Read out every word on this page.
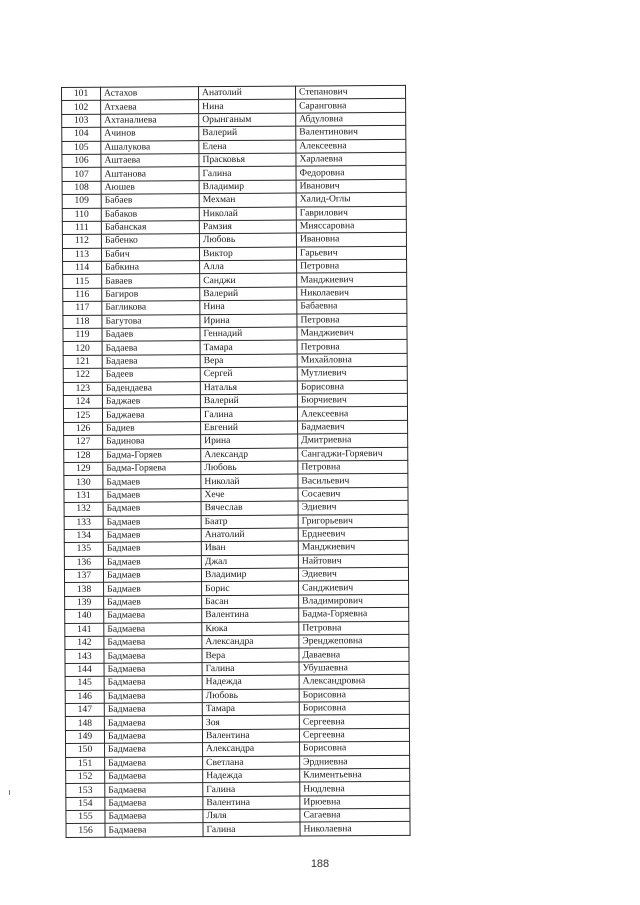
101	Астахов	Анатолий	Степанович
102	Атхаева	Нина	Саранговна
103	Ахтаналиева	Орынганым	Абдуловна
104	Ачинов	Валерий	Валентинович
105	Ашалукова	Елена	Алексеевна
106	Аштаева	Прасковья	Харлаевна
107	Аштанова	Галина	Федоровна
108	Аюшев	Владимир	Иванович
109	Бабаев	Мехман	Халид-Оглы
110	Бабаков	Николай	Гаврилович
111	Бабанская	Рамзия	Мияссаровна
112	Бабенко	Любовь	Ивановна
113	Бабич	Виктор	Гарьевич
114	Бабкина	Алла	Петровна
115	Баваев	Санджи	Манджиевич
116	Багиров	Валерий	Николаевич
117	Багликова	Нина	Бабаевна
118	Багутова	Ирина	Петровна
119	Бадаев	Геннадий	Манджиевич
120	Бадаева	Тамара	Петровна
121	Бадаева	Вера	Михайловна
122	Бадеев	Сергей	Мутлиевич
123	Бадендаева	Наталья	Борисовна
124	Баджаев	Валерий	Бюрчиевич
125	Баджаева	Галина	Алексеевна
126	Бадиев	Евгений	Бадмаевич
127	Бадинова	Ирина	Дмитриевна
128	Бадма-Горяев	Александр	Сангаджи-Горяевич
129	Бадма-Горяева	Любовь	Петровна
130	Бадмаев	Николай	Васильевич
131	Бадмаев	Хече	Сосаевич
132	Бадмаев	Вячеслав	Эдиевич
133	Бадмаев	Баатр	Григорьевич
134	Бадмаев	Анатолий	Ерднеевич
135	Бадмаев	Иван	Манджиевич
136	Бадмаев	Джал	Найтович
137	Бадмаев	Владимир	Эдиевич
138	Бадмаев	Борис	Санджиевич
139	Бадмаев	Басан	Владимирович
140	Бадмаева	Валентина	Бадма-Горяевна
141	Бадмаева	Кюка	Петровна
142	Бадмаева	Александра	Эренджеповна
143	Бадмаева	Вера	Даваевна
144	Бадмаева	Галина	Убушаевна
145	Бадмаева	Надежда	Александровна
146	Бадмаева	Любовь	Борисовна
147	Бадмаева	Тамара	Борисовна
148	Бадмаева	Зоя	Сергеевна
149	Бадмаева	Валентина	Сергеевна
150	Бадмаева	Александра	Борисовна
151	Бадмаева	Светлана	Эрдниевна
152	Бадмаева	Надежда	Климентьевна
153	Бадмаева	Галина	Нюдлевна
154	Бадмаева	Валентина	Ирюевна
155	Бадмаева	Ляля	Сагаевна
156	Бадмаева	Галина	Николаевна
188
